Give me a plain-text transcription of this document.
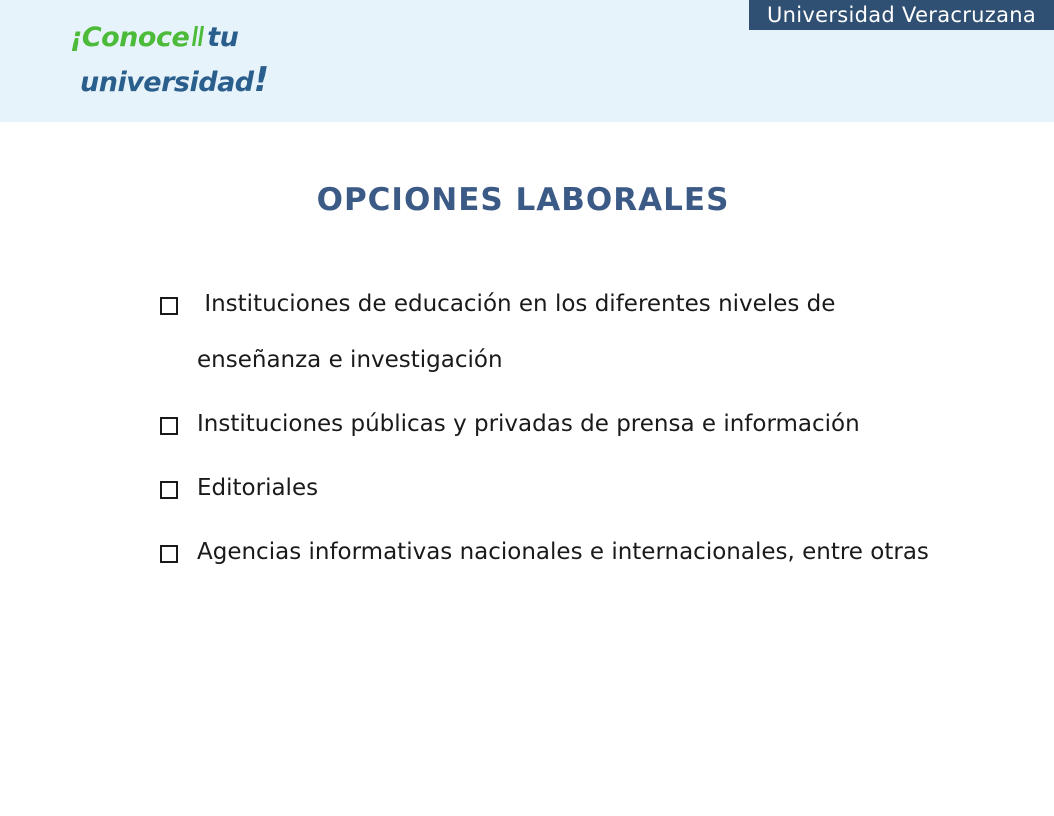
¡Conoce tu
universidad!
Universidad Veracruzana
OPCIONES LABORALES
Instituciones de educación en los diferentes niveles de enseñanza e investigación
Instituciones públicas y privadas de prensa e información
Editoriales
Agencias informativas nacionales e internacionales, entre otras
